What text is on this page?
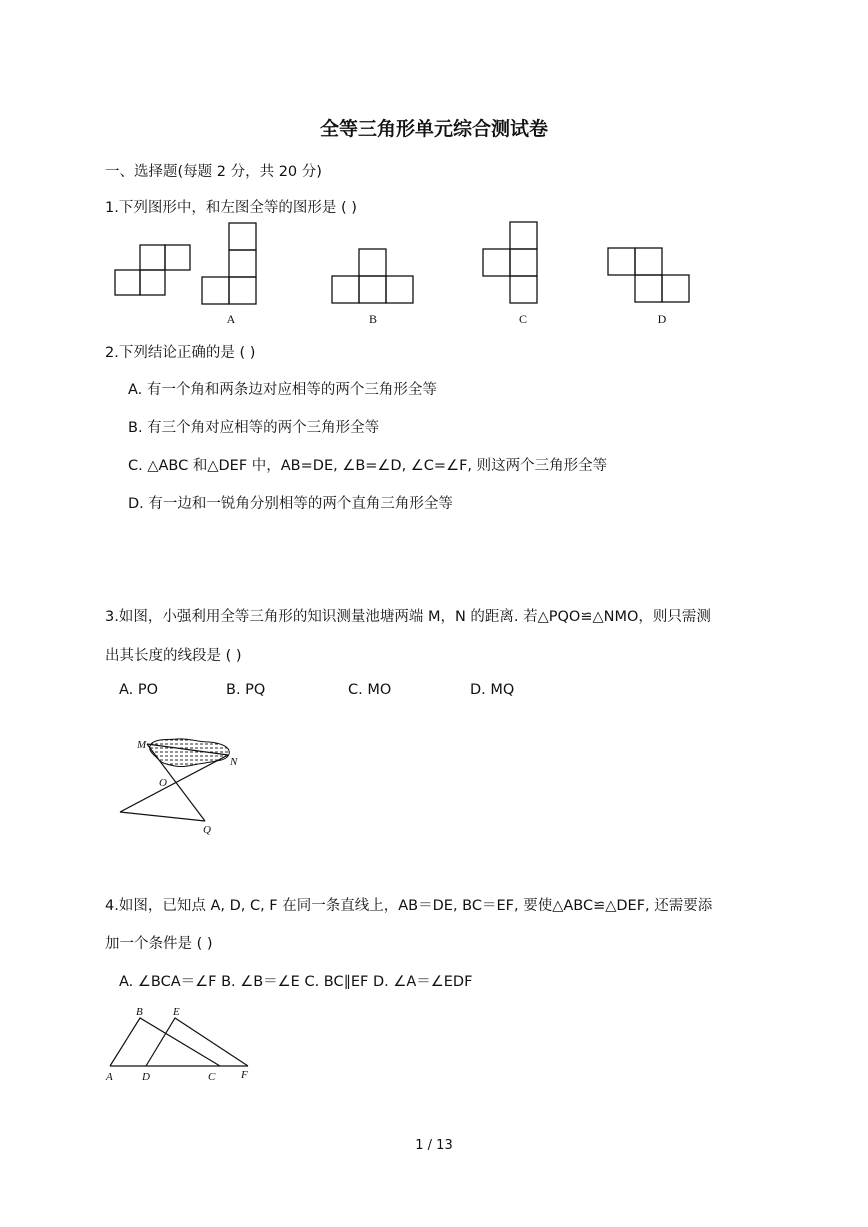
全等三角形单元综合测试卷
一、选择题(每题 2 分，共 20 分)
1.下列图形中，和左图全等的图形是 ( )
A	B	C	D
2.下列结论正确的是 ( )
A. 有一个角和两条边对应相等的两个三角形全等
B. 有三个角对应相等的两个三角形全等
C. △ABC 和△DEF 中，AB=DE, ∠B=∠D, ∠C=∠F, 则这两个三角形全等
D. 有一边和一锐角分别相等的两个直角三角形全等
3.如图，小强利用全等三角形的知识测量池塘两端 M，N 的距离. 若△PQO≌△NMO，则只需测
出其长度的线段是 ( )
A. PO	B. PQ	C. MO	D. MQ
M
N
O
Q
4.如图，已知点 A, D, C, F 在同一条直线上，AB＝DE, BC＝EF, 要使△ABC≌△DEF, 还需要添
加一个条件是 ( )
A. ∠BCA＝∠F B. ∠B＝∠E C. BC∥EF D. ∠A＝∠EDF
A
B
C
D
E
F
1 / 13
